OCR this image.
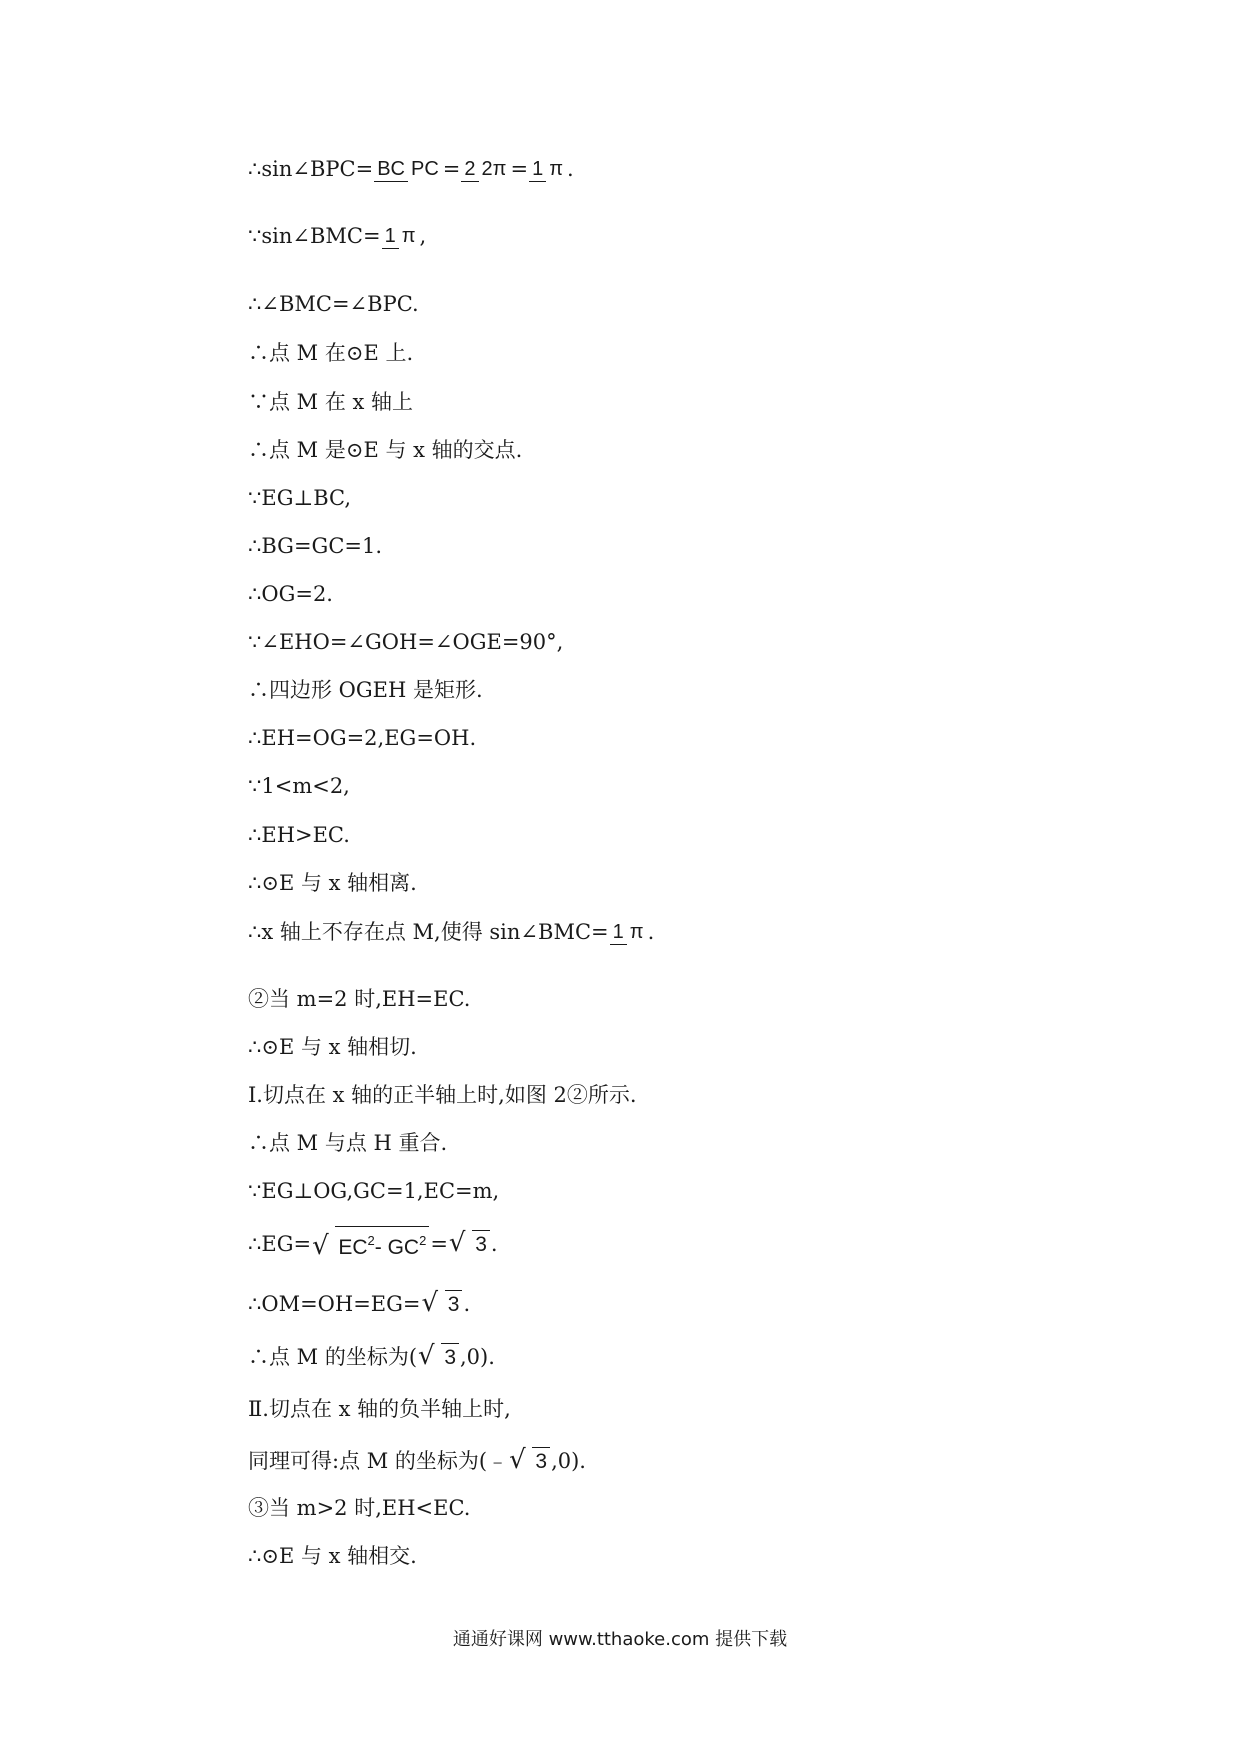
∴sin∠BPC= BC PC = 2 2π = 1 π .
∵sin∠BMC= 1 π ,
∴∠BMC=∠BPC.
∴点 M 在⊙E 上.
∵点 M 在 x 轴上
∴点 M 是⊙E 与 x 轴的交点.
∵EG⊥BC,
∴BG=GC=1.
∴OG=2.
∵∠EHO=∠GOH=∠OGE=90°,
∴四边形 OGEH 是矩形.
∴EH=OG=2,EG=OH.
∵1<m<2,
∴EH>EC.
∴⊙E 与 x 轴相离.
∴x 轴上不存在点 M,使得 sin∠BMC= 1 π .
②当 m=2 时,EH=EC.
∴⊙E 与 x 轴相切.
Ⅰ.切点在 x 轴的正半轴上时,如图 2②所示.
∴点 M 与点 H 重合.
∵EG⊥OG,GC=1,EC=m,
∴EG= √ EC2- GC2 = √ 3 .
∴OM=OH=EG= √ 3 .
∴点 M 的坐标为( √ 3 ,0).
Ⅱ.切点在 x 轴的负半轴上时,
同理可得:点 M 的坐标为(﹣ √ 3 ,0).
③当 m>2 时,EH<EC.
∴⊙E 与 x 轴相交.
通通好课网 www.tthaoke.com 提供下载
